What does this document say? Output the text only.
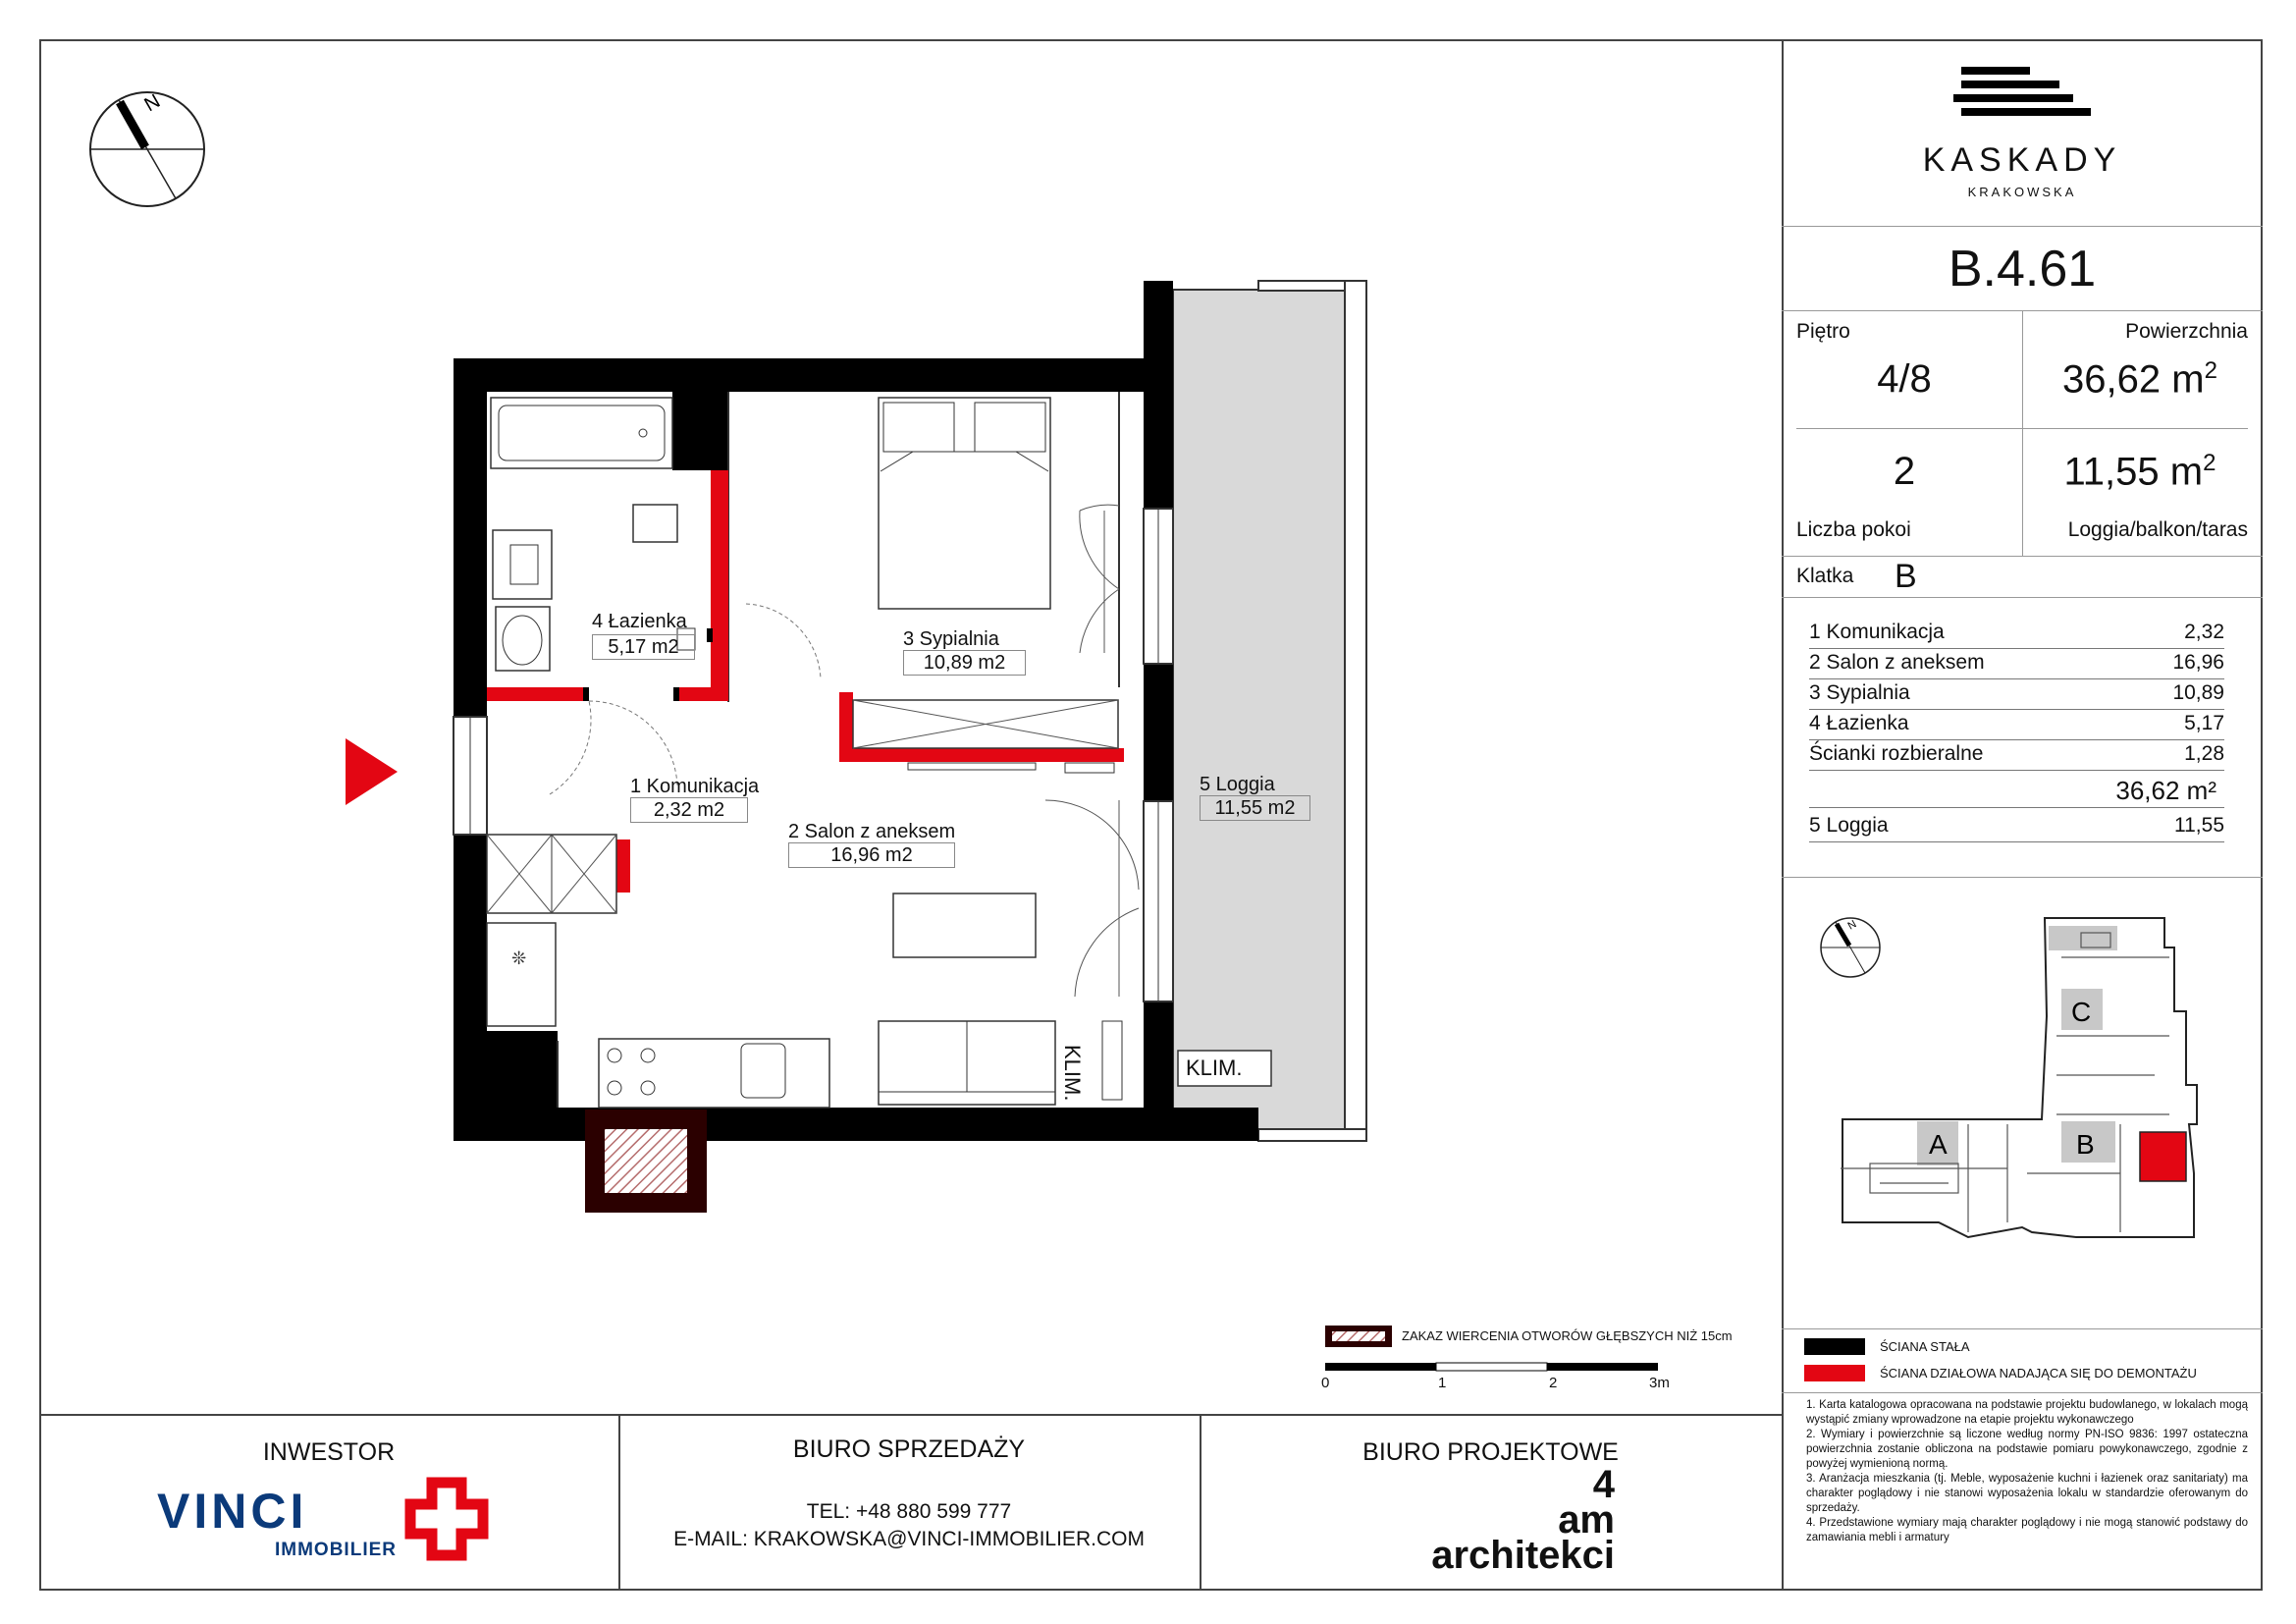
N
❊
4 Łazienka
5,17 m2	3 Sypialnia
10,89 m2
1 Komunikacja
2,32 m2
2 Salon z aneksem
16,96 m2
5 Loggia
11,55 m2
KLIM.	KLIM.
ZAKAZ WIERCENIA OTWORÓW GŁĘBSZYCH NIŻ 15cm
0	1	2	3m
KASKADY
KRAKOWSKA
B.4.61
Piętro
4/8
Powierzchnia
36,62 $m^2$
2
Liczba pokoi
11,55 $m^2$
Loggia/balkon/taras
Klatka B
1 Komunikacja	2,32
2 Salon z aneksem	16,96
3 Sypialnia	10,89
4 Łazienka	5,17
Ścianki rozbieralne	1,28
36,62 m²
5 Loggia	11,55
N
A	B
C
ŚCIANA STAŁA
ŚCIANA DZIAŁOWA NADAJĄCA SIĘ DO DEMONTAŻU

1. Karta katalogowa opracowana na podstawie projektu budowlanego, w lokalach mogą wystąpić zmiany wprowadzone na etapie projektu wykonawczego

2. Wymiary i powierzchnie są liczone według normy PN-ISO 9836: 1997 ostateczna powierzchnia zostanie obliczona na podstawie pomiaru powykonawczego, zgodnie z powyżej wymienioną normą.

3. Aranżacja mieszkania (tj. Meble, wyposażenie kuchni i łazienek oraz sanitariaty) ma charakter poglądowy i nie stanowi wyposażenia lokalu w standardzie oferowanym do sprzedaży.

4. Przedstawione wymiary mają charakter poglądowy i nie mogą stanowić podstawy do zamawiania mebli i armatury

INWESTOR
VINCI
IMMOBILIER
BIURO SPRZEDAŻY
TEL: +48 880 599 777
E-MAIL: KRAKOWSKA@VINCI-IMMOBILIER.COM
BIURO PROJEKTOWE
4
am
architekci
